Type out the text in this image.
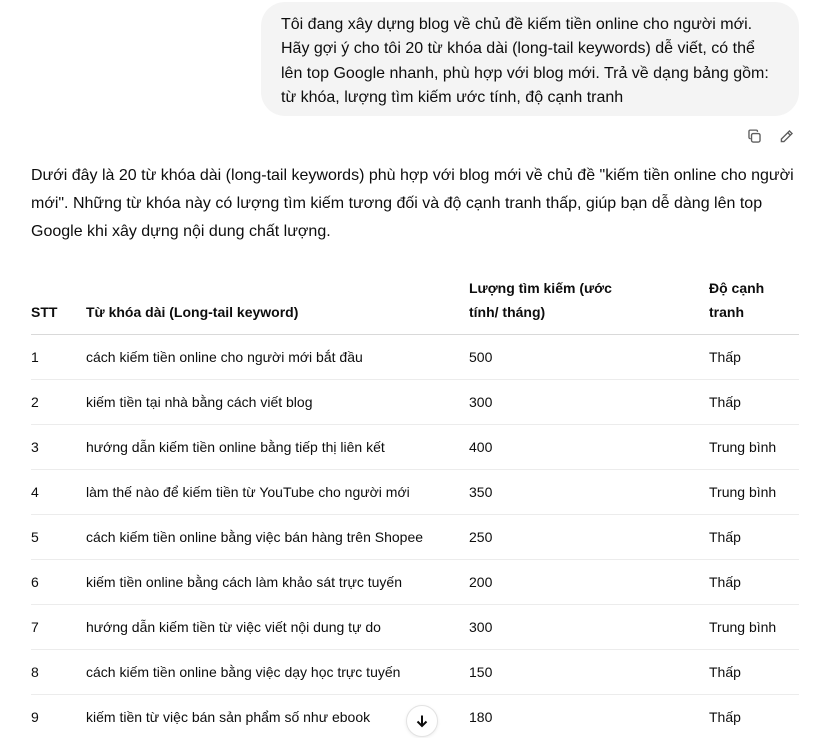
Tôi đang xây dựng blog về chủ đề kiếm tiền online cho người mới.
Hãy gợi ý cho tôi 20 từ khóa dài (long-tail keywords) dễ viết, có thể
lên top Google nhanh, phù hợp với blog mới. Trả về dạng bảng gồm:
từ khóa, lượng tìm kiếm ước tính, độ cạnh tranh
Dưới đây là 20 từ khóa dài (long-tail keywords) phù hợp với blog mới về chủ đề "kiếm tiền online cho người
mới". Những từ khóa này có lượng tìm kiếm tương đối và độ cạnh tranh thấp, giúp bạn dễ dàng lên top
Google khi xây dựng nội dung chất lượng.
STT	Từ khóa dài (Long-tail keyword)	Lượng tìm kiếm (ước tính/ tháng)	Độ cạnh tranh

1	cách kiếm tiền online cho người mới bắt đầu	500	Thấp
2	kiếm tiền tại nhà bằng cách viết blog	300	Thấp
3	hướng dẫn kiếm tiền online bằng tiếp thị liên kết	400	Trung bình
4	làm thế nào để kiếm tiền từ YouTube cho người mới	350	Trung bình
5	cách kiếm tiền online bằng việc bán hàng trên Shopee	250	Thấp
6	kiếm tiền online bằng cách làm khảo sát trực tuyến	200	Thấp
7	hướng dẫn kiếm tiền từ việc viết nội dung tự do	300	Trung bình
8	cách kiếm tiền online bằng việc dạy học trực tuyến	150	Thấp
9	kiếm tiền từ việc bán sản phẩm số như ebook	180	Thấp
